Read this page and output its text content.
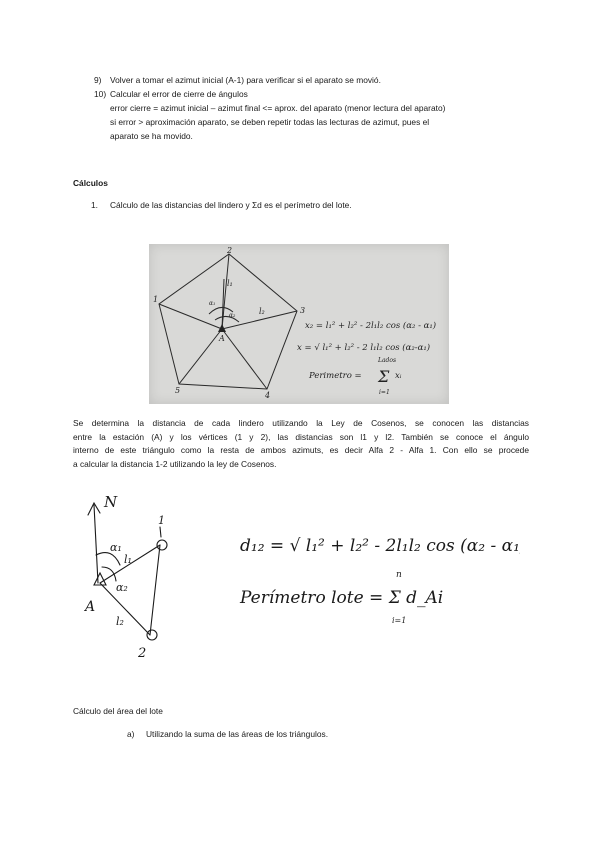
9) Volver a tomar el azimut inicial (A-1) para verificar si el aparato se movió.
10) Calcular el error de cierre de ángulos
error cierre = azimut inicial – azimut final <= aprox. del aparato (menor lectura del aparato)
si error > aproximación aparato, se deben repetir todas las lecturas de azimut, pues el
aparato se ha movido.
Cálculos
1. Cálculo de las distancias del lindero y Σd es el perímetro del lote.
2
1
3
4
5
A
l₁
l₂
α₁
α₂
x₂ = l₁² + l₂² - 2l₁l₂ cos (α₂ - α₁)
x = √ l₁² + l₂² - 2 l₁l₂ cos (α₂-α₁)
Perimetro =
Lados
Σ
i=1
xᵢ
Se determina la distancia de cada lindero utilizando la Ley de Cosenos, se conocen las distancias
entre la estación (A) y los vértices (1 y 2), las distancias son l1 y l2. También se conoce el ángulo
interno de este triángulo como la resta de ambos azimuts, es decir Alfa 2 - Alfa 1. Con ello se procede
a calcular la distancia 1-2 utilizando la ley de Cosenos.
N
1
2
A
α₁
α₂
l₁
l₂
d₁₂ = √ l₁² + l₂² - 2l₁l₂ cos (α₂ - α₁)
Perímetro lote = Σ d_Ai
n
i=1
Cálculo del área del lote
a) Utilizando la suma de las áreas de los triángulos.
